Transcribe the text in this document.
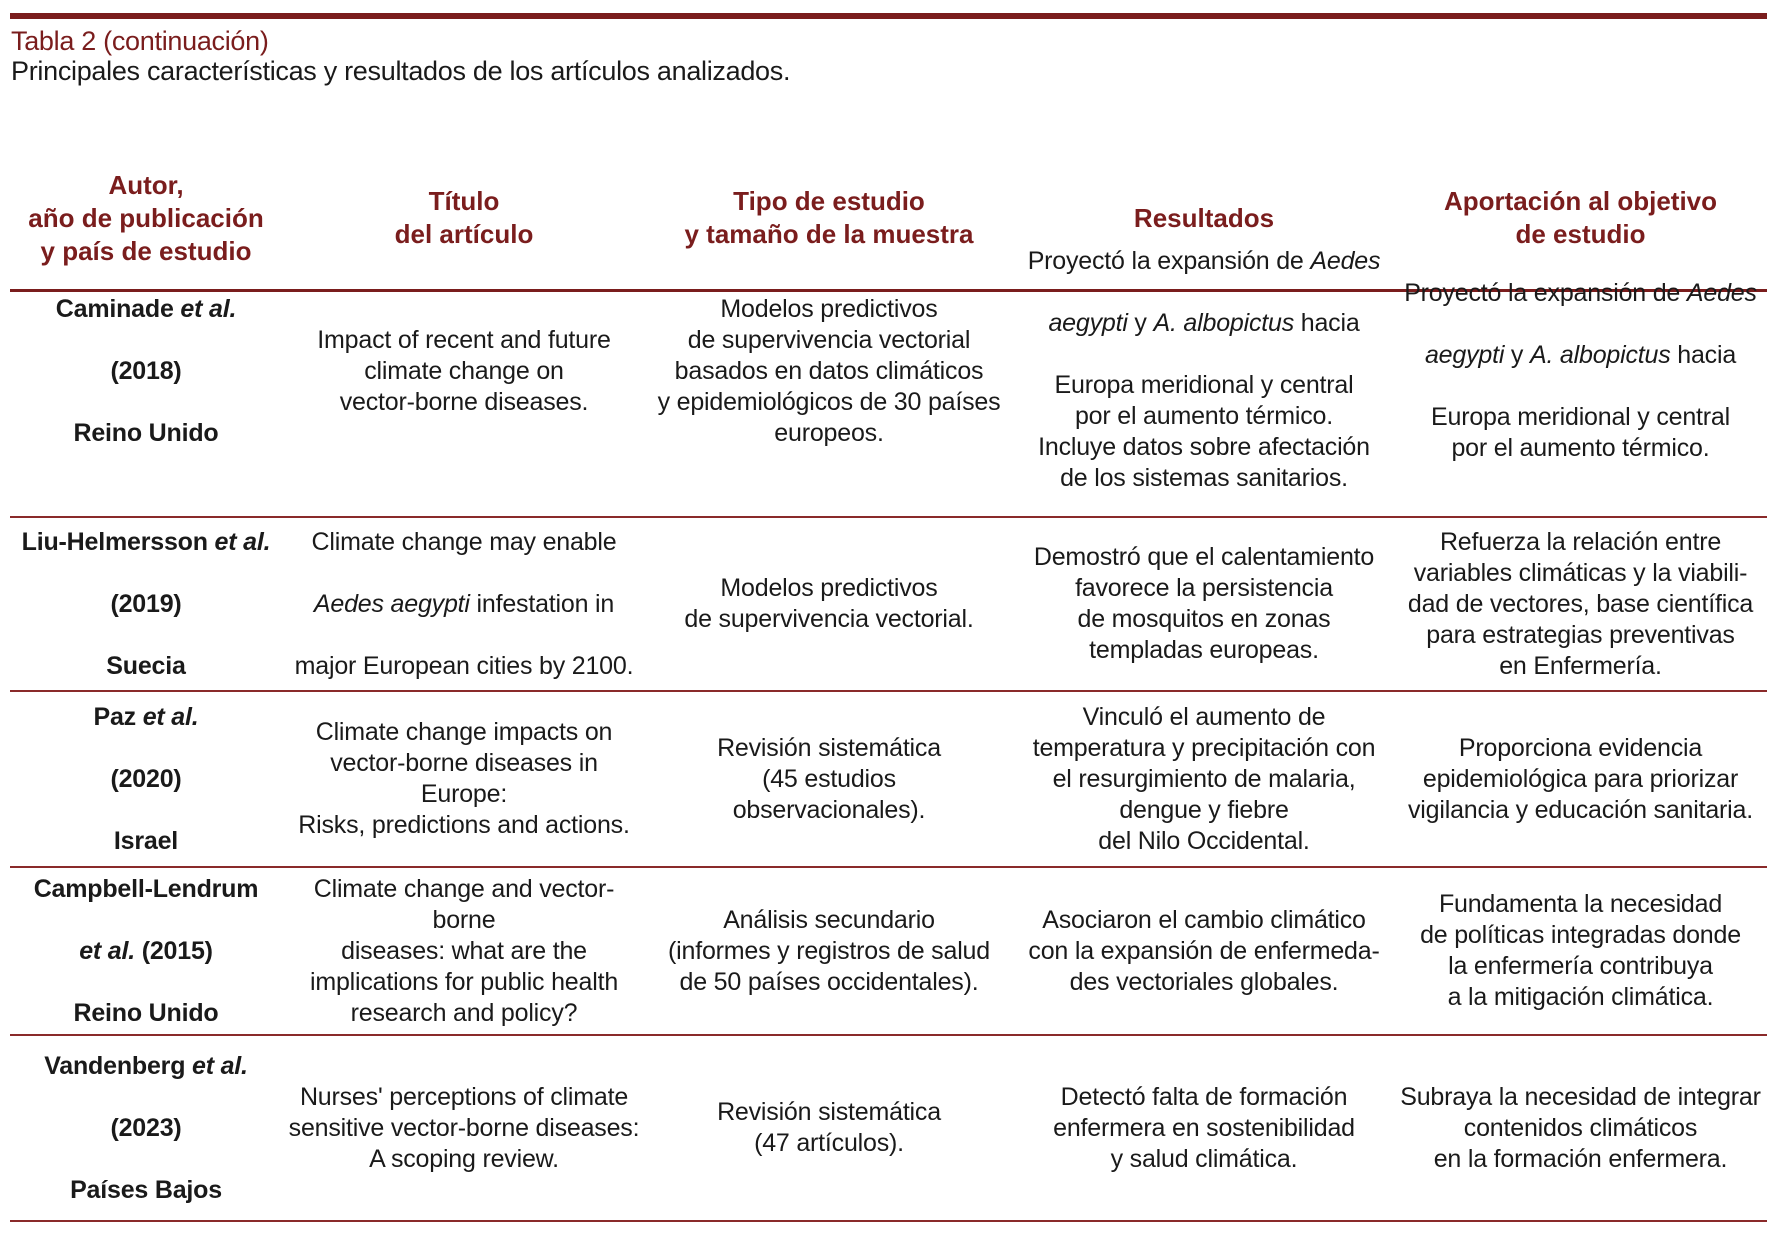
Tabla 2 (continuación)
Principales características y resultados de los artículos analizados.
Autor,
año de publicación
y país de estudio
Título
del artículo
Tipo de estudio
y tamaño de la muestra
Resultados
Aportación al objetivo
de estudio

Caminade et al.

(2018)

Reino Unido

Impact of recent and future
climate change on
vector-borne diseases.
Modelos predictivos
de supervivencia vectorial
basados en datos climáticos
y epidemiológicos de 30 países
europeos.

Proyectó la expansión de Aedes

aegypti y A. albopictus hacia

Europa meridional y central
por el aumento térmico.
Incluye datos sobre afectación
de los sistemas sanitarios.

Proyectó la expansión de Aedes

aegypti y A. albopictus hacia

Europa meridional y central
por el aumento térmico.

Liu-Helmersson et al.

(2019)

Suecia

Climate change may enable

Aedes aegypti infestation in

major European cities by 2100.

Modelos predictivos
de supervivencia vectorial.
Demostró que el calentamiento
favorece la persistencia
de mosquitos en zonas
templadas europeas.
Refuerza la relación entre
variables climáticas y la viabili-
dad de vectores, base científica
para estrategias preventivas
en Enfermería.

Paz et al.

(2020)

Israel

Climate change impacts on
vector-borne diseases in Europe:
Risks, predictions and actions.
Revisión sistemática
(45 estudios
observacionales).
Vinculó el aumento de
temperatura y precipitación con
el resurgimiento de malaria,
dengue y fiebre
del Nilo Occidental.
Proporciona evidencia
epidemiológica para priorizar
vigilancia y educación sanitaria.

Campbell-Lendrum

et al. (2015)

Reino Unido

Climate change and vector-borne
diseases: what are the
implications for public health
research and policy?
Análisis secundario
(informes y registros de salud
de 50 países occidentales).
Asociaron el cambio climático
con la expansión de enfermeda-
des vectoriales globales.
Fundamenta la necesidad
de políticas integradas donde
la enfermería contribuya
a la mitigación climática.

Vandenberg et al.

(2023)

Países Bajos

Nurses' perceptions of climate
sensitive vector-borne diseases:
A scoping review.
Revisión sistemática
(47 artículos).
Detectó falta de formación
enfermera en sostenibilidad
y salud climática.
Subraya la necesidad de integrar
contenidos climáticos
en la formación enfermera.
